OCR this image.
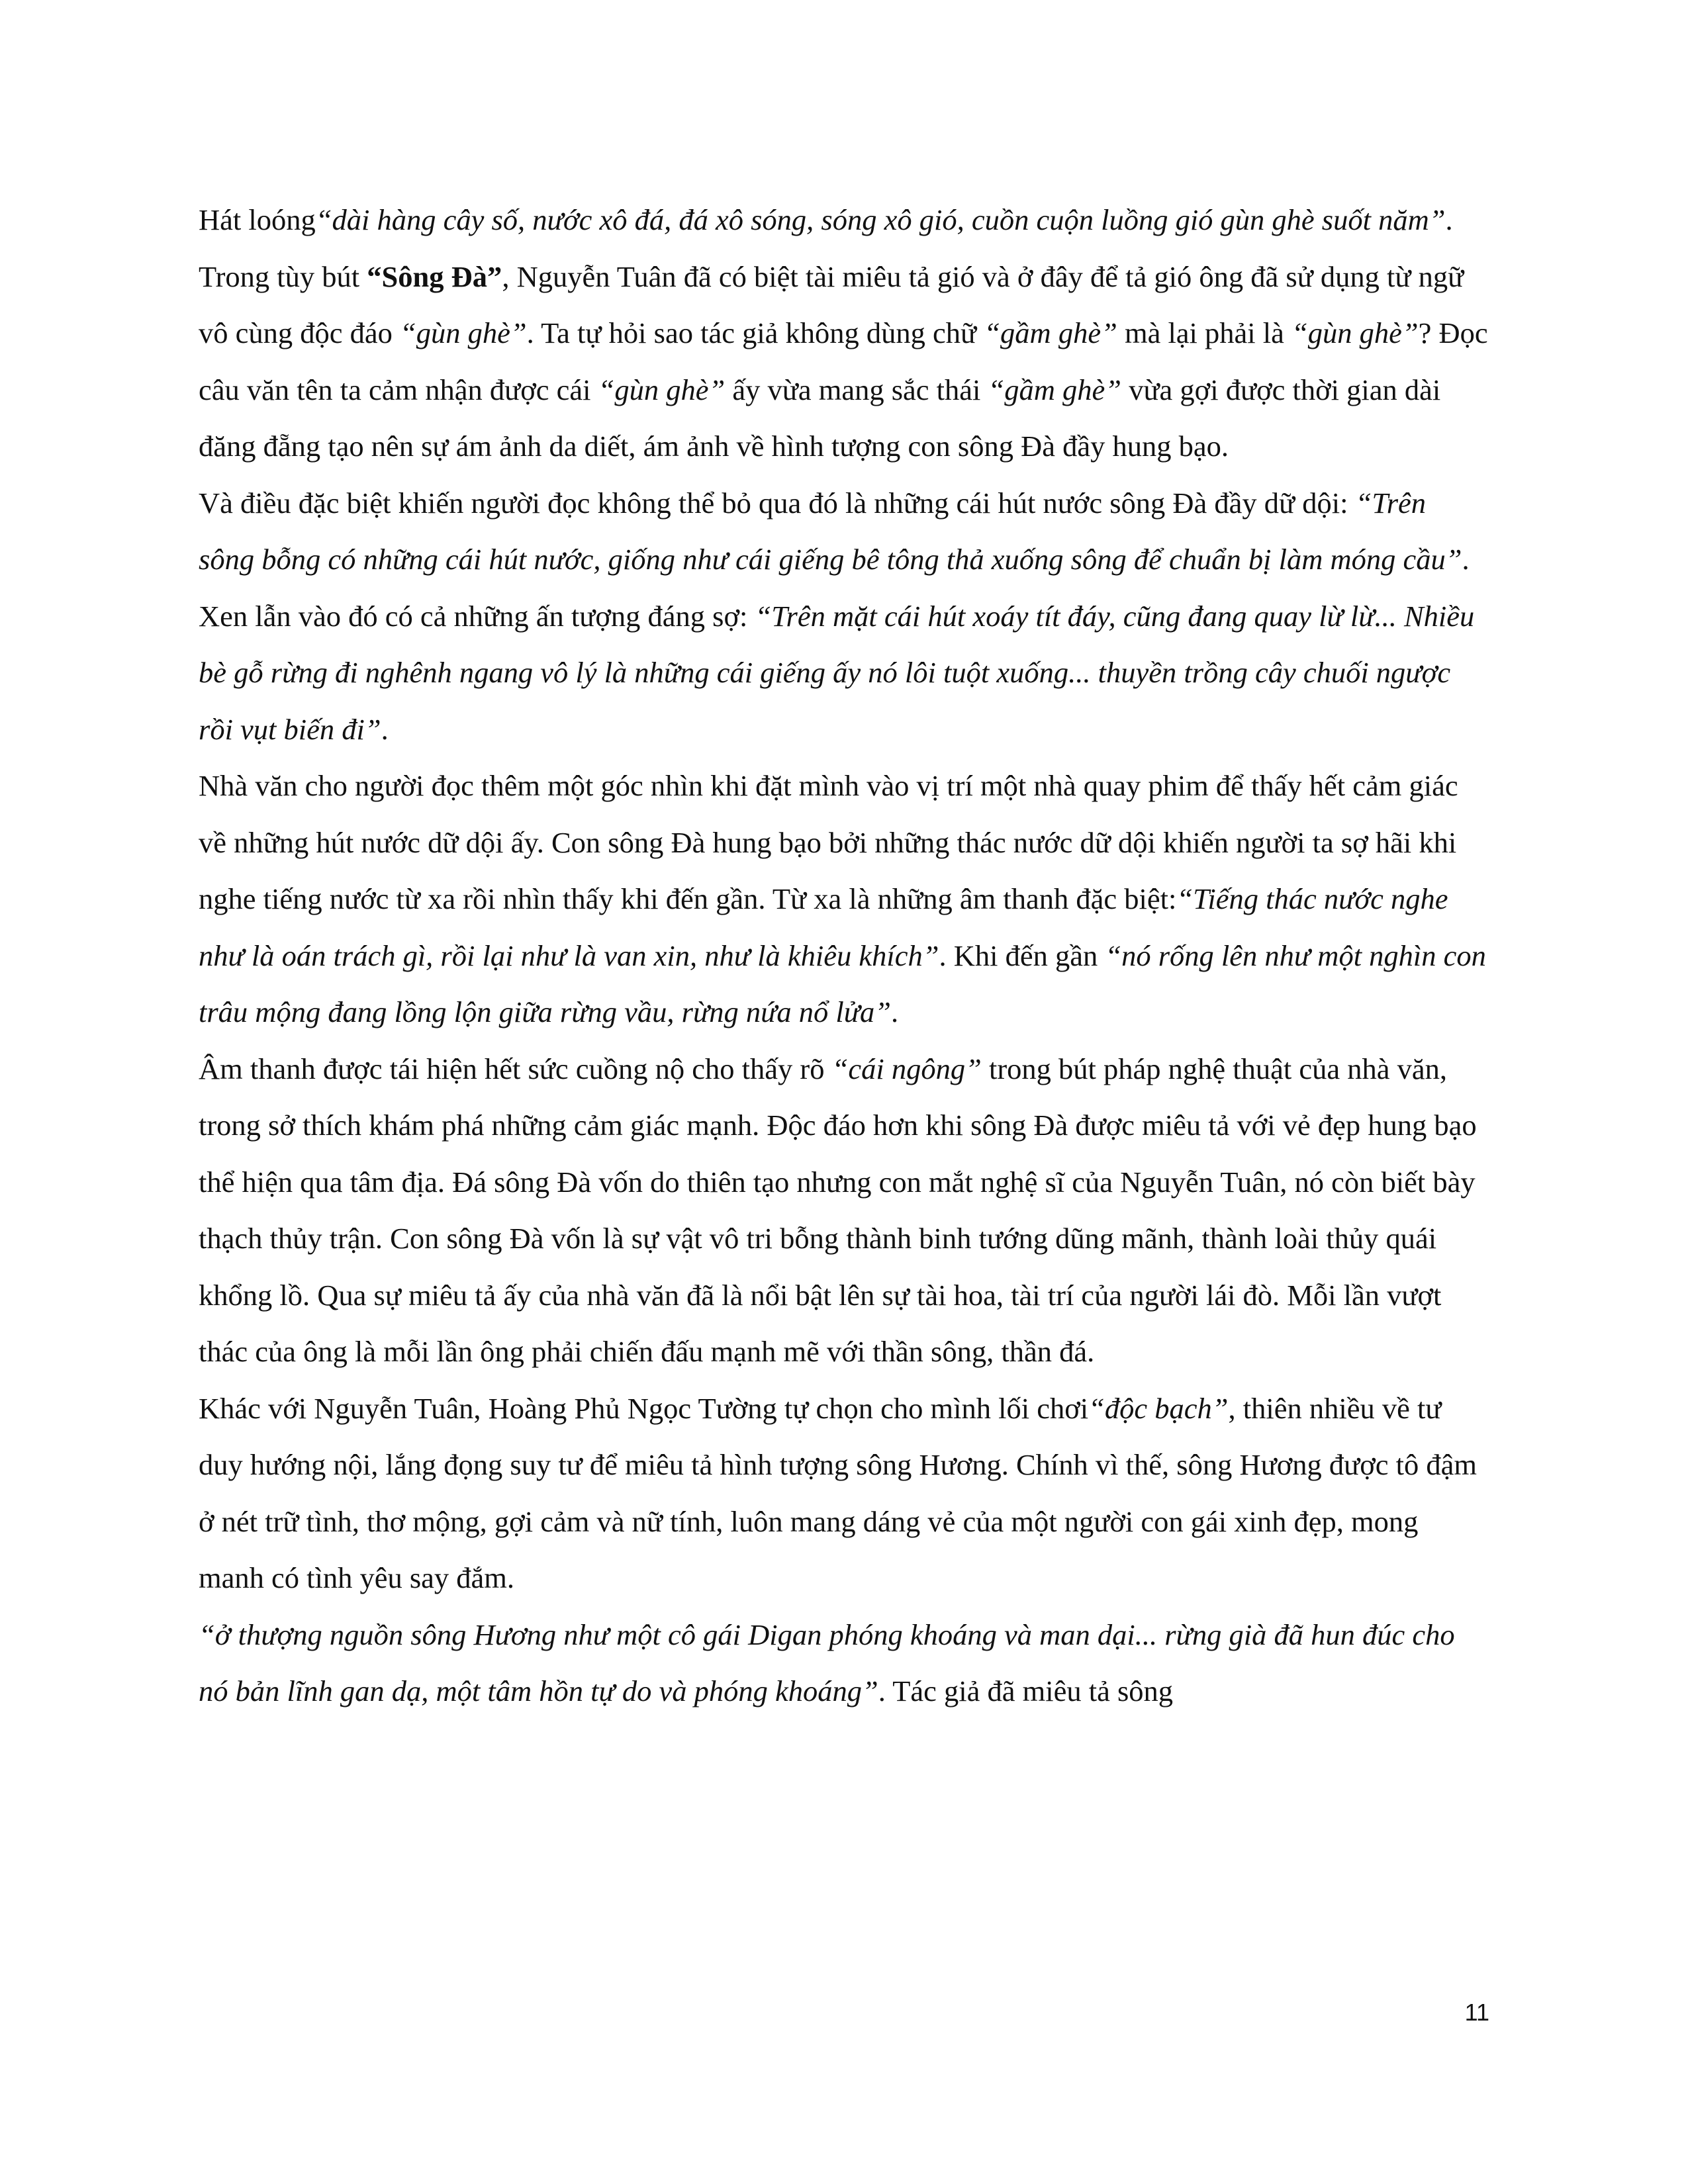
Hát loóng“dài hàng cây số, nước xô đá, đá xô sóng, sóng xô gió, cuồn cuộn luồng gió gùn ghè suốt năm”.

Trong tùy bút “Sông Đà”, Nguyễn Tuân đã có biệt tài miêu tả gió và ở đây để tả gió ông đã sử dụng từ ngữ vô cùng độc đáo “gùn ghè”. Ta tự hỏi sao tác giả không dùng chữ “gầm ghè” mà lại phải là “gùn ghè”? Đọc câu văn tên ta cảm nhận được cái “gùn ghè” ấy vừa mang sắc thái “gầm ghè” vừa gợi được thời gian dài đăng đẵng tạo nên sự ám ảnh da diết, ám ảnh về hình tượng con sông Đà đầy hung bạo.

Và điều đặc biệt khiến người đọc không thể bỏ qua đó là những cái hút nước sông Đà đầy dữ dội: “Trên sông bỗng có những cái hút nước, giống như cái giếng bê tông thả xuống sông để chuẩn bị làm móng cầu”. Xen lẫn vào đó có cả những ấn tượng đáng sợ: “Trên mặt cái hút xoáy tít đáy, cũng đang quay lừ lừ... Nhiều bè gỗ rừng đi nghênh ngang vô lý là những cái giếng ấy nó lôi tuột xuống... thuyền trồng cây chuối ngược rồi vụt biến đi”.

Nhà văn cho người đọc thêm một góc nhìn khi đặt mình vào vị trí một nhà quay phim để thấy hết cảm giác về những hút nước dữ dội ấy. Con sông Đà hung bạo bởi những thác nước dữ dội khiến người ta sợ hãi khi nghe tiếng nước từ xa rồi nhìn thấy khi đến gần. Từ xa là những âm thanh đặc biệt:“Tiếng thác nước nghe như là oán trách gì, rồi lại như là van xin, như là khiêu khích”. Khi đến gần “nó rống lên như một nghìn con trâu mộng đang lồng lộn giữa rừng vầu, rừng nứa nổ lửa”.

Âm thanh được tái hiện hết sức cuồng nộ cho thấy rõ “cái ngông” trong bút pháp nghệ thuật của nhà văn, trong sở thích khám phá những cảm giác mạnh. Độc đáo hơn khi sông Đà được miêu tả với vẻ đẹp hung bạo thể hiện qua tâm địa. Đá sông Đà vốn do thiên tạo nhưng con mắt nghệ sĩ của Nguyễn Tuân, nó còn biết bày thạch thủy trận. Con sông Đà vốn là sự vật vô tri bỗng thành binh tướng dũng mãnh, thành loài thủy quái khổng lồ. Qua sự miêu tả ấy của nhà văn đã là nổi bật lên sự tài hoa, tài trí của người lái đò. Mỗi lần vượt thác của ông là mỗi lần ông phải chiến đấu mạnh mẽ với thần sông, thần đá.

Khác với Nguyễn Tuân, Hoàng Phủ Ngọc Tường tự chọn cho mình lối chơi“độc bạch”, thiên nhiều về tư duy hướng nội, lắng đọng suy tư để miêu tả hình tượng sông Hương. Chính vì thế, sông Hương được tô đậm ở nét trữ tình, thơ mộng, gợi cảm và nữ tính, luôn mang dáng vẻ của một người con gái xinh đẹp, mong manh có tình yêu say đắm.

“ở thượng nguồn sông Hương như một cô gái Digan phóng khoáng và man dại... rừng già đã hun đúc cho nó bản lĩnh gan dạ, một tâm hồn tự do và phóng khoáng”. Tác giả đã miêu tả sông

11
